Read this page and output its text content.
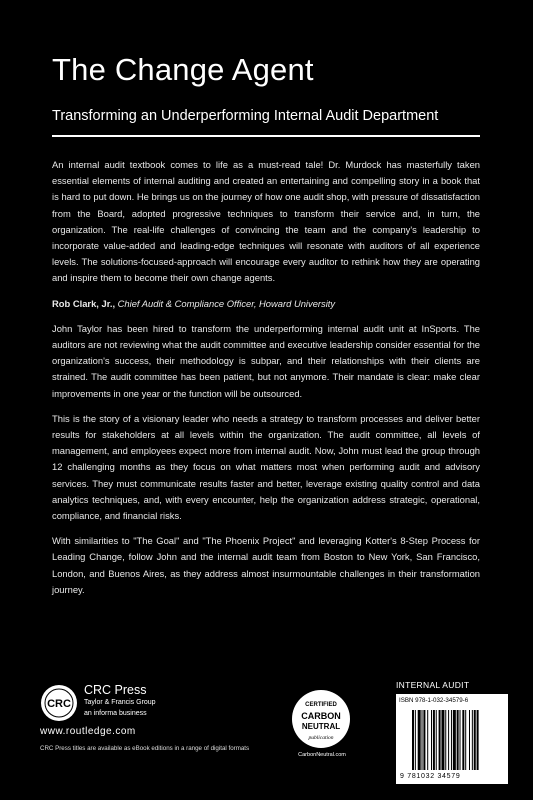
The Change Agent
Transforming an Underperforming Internal Audit Department

An internal audit textbook comes to life as a must-read tale! Dr. Murdock has masterfully taken essential elements of internal auditing and created an entertaining and compelling story in a book that is hard to put down. He brings us on the journey of how one audit shop, with pressure of dissatisfaction from the Board, adopted progressive techniques to transform their service and, in turn, the organization. The real-life challenges of convincing the team and the company's leadership to incorporate value-added and leading-edge techniques will resonate with auditors of all experience levels. The solutions-focused-approach will encourage every auditor to rethink how they are operating and inspire them to become their own change agents.

Rob Clark, Jr., Chief Audit & Compliance Officer, Howard University

John Taylor has been hired to transform the underperforming internal audit unit at InSports. The auditors are not reviewing what the audit committee and executive leadership consider essential for the organization's success, their methodology is subpar, and their relationships with their clients are strained. The audit committee has been patient, but not anymore. Their mandate is clear: make clear improvements in one year or the function will be outsourced.

This is the story of a visionary leader who needs a strategy to transform processes and deliver better results for stakeholders at all levels within the organization. The audit committee, all levels of management, and employees expect more from internal audit. Now, John must lead the group through 12 challenging months as they focus on what matters most when performing audit and advisory services. They must communicate results faster and better, leverage existing quality control and data analytics techniques, and, with every encounter, help the organization address strategic, operational, compliance, and financial risks.

With similarities to "The Goal" and "The Phoenix Project" and leveraging Kotter's 8-Step Process for Leading Change, follow John and the internal audit team from Boston to New York, San Francisco, London, and Buenos Aires, as they address almost insurmountable challenges in their transformation journey.

CRC
CRC Press
Taylor & Francis Group
an informa business
www.routledge.com
CRC Press titles are available as eBook editions in a range of digital formats
CERTIFIED
CARBON
NEUTRAL
publication
CarbonNeutral.com
INTERNAL AUDIT
ISBN 978-1-032-34579-6
9 781032 34579
